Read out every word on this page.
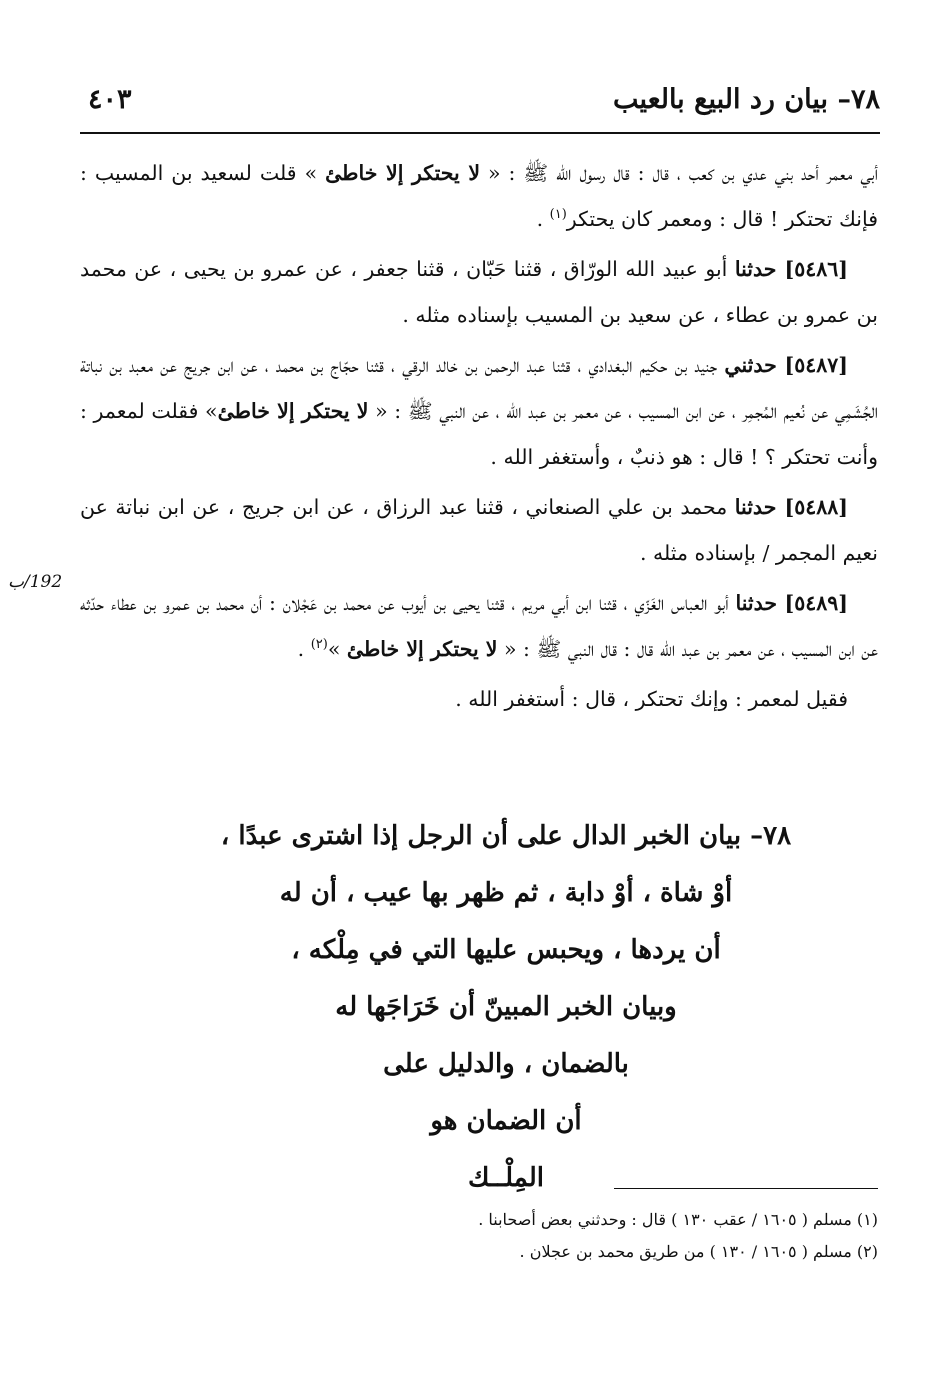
٧٨– بيان رد البيع بالعيب
٤٠٣
192/ب

أبي معمر أحد بني عدي بن كعب ، قال : قال رسول الله ﷺ : « لا يحتكر إلا خاطئ » قلت لسعيد بن المسيب : فإنك تحتكر ! قال : ومعمر كان يحتكر$^{(١)}$ .

[٥٤٨٦] حدثنا أبو عبيد الله الورّاق ، قثنا حَبّان ، قثنا جعفر ، عن عمرو بن يحيى ، عن محمد بن عمرو بن عطاء ، عن سعيد بن المسيب بإسناده مثله .

[٥٤٨٧] حدثني جنيد بن حكيم البغدادي ، قثنا عبد الرحمن بن خالد الرقي ، قثنا حجّاج بن محمد ، عن ابن جريج عن معبد بن نباتة الجُشَمِي عن نُعيم المُجمِر ، عن ابن المسيب ، عن معمر بن عبد الله ، عن النبي ﷺ : « لا يحتكر إلا خاطئ» فقلت لمعمر : وأنت تحتكر ؟ ! قال : هو ذنبٌ ، وأستغفر الله .

[٥٤٨٨] حدثنا محمد بن علي الصنعاني ، قثنا عبد الرزاق ، عن ابن جريج ، عن ابن نباتة عن نعيم المجمر / بإسناده مثله .

[٥٤٨٩] حدثنا أبو العباس الغَزّي ، قثنا ابن أبي مريم ، قثنا يحيى بن أيوب عن محمد بن عَجْلان : أن محمد بن عمرو بن عطاء حدّثه عن ابن المسيب ، عن معمر بن عبد الله قال : قال النبي ﷺ : « لا يحتكر إلا خاطئ »$^{(٢)}$ .

فقيل لمعمر : وإنك تحتكر ، قال : أستغفر الله .

٧٨– بيان الخبر الدال على أن الرجل إذا اشترى عبدًا ،
أوْ شاة ، أوْ دابة ، ثم ظهر بها عيب ، أن له
أن يردها ، ويحبس عليها التي في مِلْكه ،
وبيان الخبر المبينّ أن خَرَاجَها له
بالضمان ، والدليل على
أن الضمان هو
المِلْــك
(١) مسلم ( ١٦٠٥ / عقب ١٣٠ ) قال : وحدثني بعض أصحابنا .
(٢) مسلم ( ١٦٠٥ / ١٣٠ ) من طريق محمد بن عجلان .
